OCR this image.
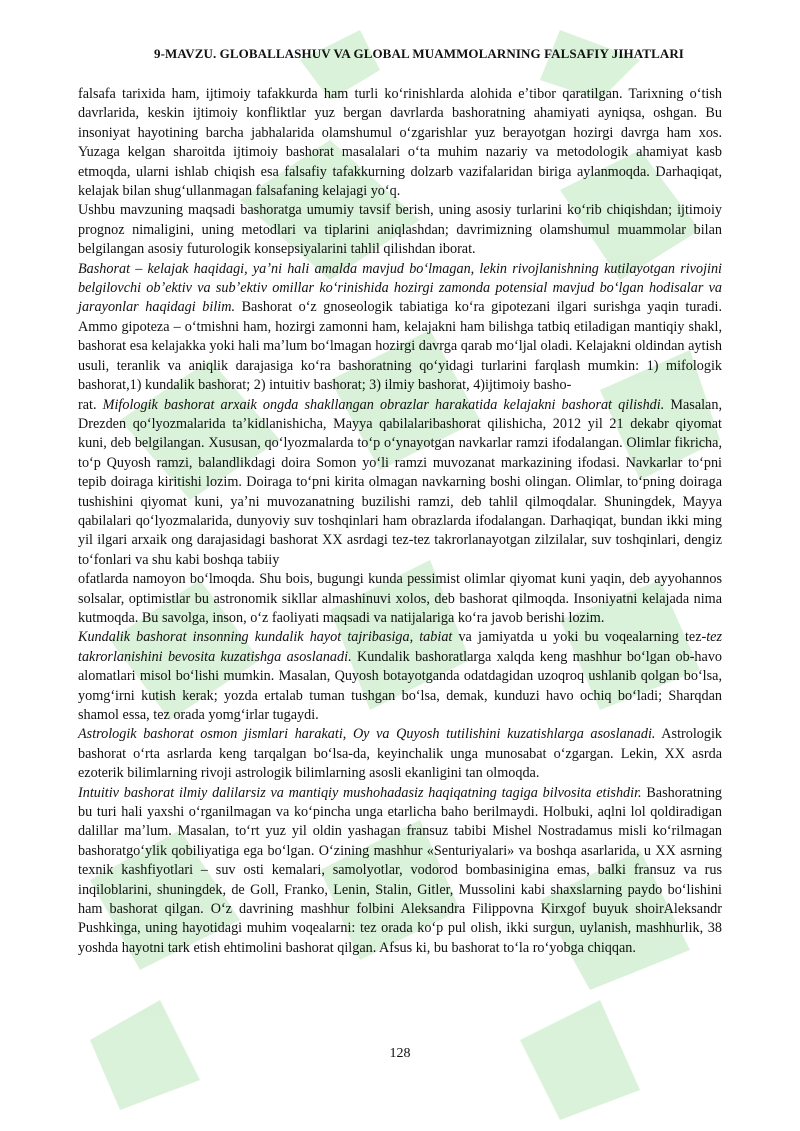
9-MAVZU. GLOBALLASHUV VA GLOBAL MUAMMOLARNING FALSAFIY JIHATLARI

falsafa tarixida ham, ijtimoiy tafakkurda ham turli koʻrinishlarda alohida eʼtibor qaratilgan. Tarixning oʻtish davrlarida, keskin ijtimoiy konfliktlar yuz bergan davrlarda bashoratning ahamiyati ayniqsa, oshgan. Bu insoniyat hayotining barcha jabhalarida olamshumul oʻzgarishlar yuz berayotgan hozirgi davrga ham xos. Yuzaga kelgan sharoitda ijtimoiy bashorat masalalari oʻta muhim nazariy va metodologik ahamiyat kasb etmoqda, ularni ishlab chiqish esa falsafiy tafakkurning dolzarb vazifalaridan biriga aylanmoqda. Darhaqiqat, kelajak bilan shugʻullanmagan falsafaning kelajagi yoʻq.

Ushbu mavzuning maqsadi bashoratga umumiy tavsif berish, uning asosiy turlarini koʻrib chiqishdan; ijtimoiy prognoz nimaligini, uning metodlari va tiplarini aniqlashdan; davrimizning olamshumul muammolar bilan belgilangan asosiy futurologik konsepsiyalarini tahlil qilishdan iborat.

Bashorat – kelajak haqidagi, yaʼni hali amalda mavjud boʻlmagan, lekin rivojlanishning kutilayotgan rivojini belgilovchi obʼektiv va subʼektiv omillar koʻrinishida hozirgi zamonda potensial mavjud boʻlgan hodisalar va jarayonlar haqidagi bilim. Bashorat oʻz gnoseologik tabiatiga koʻra gipotezani ilgari surishga yaqin turadi. Ammo gipoteza – oʻtmishni ham, hozirgi zamonni ham, kelajakni ham bilishga tatbiq etiladigan mantiqiy shakl, bashorat esa kelajakka yoki hali maʼlum boʻlmagan hozirgi davrga qarab moʻljal oladi. Kelajakni oldindan aytish usuli, teranlik va aniqlik darajasiga koʻra bashoratning qoʻyidagi turlarini farqlash mumkin: 1) mifologik bashorat,1) kundalik bashorat; 2) intuitiv bashorat; 3) ilmiy bashorat, 4)ijtimoiy basho-

rat. Mifologik bashorat arxaik ongda shakllangan obrazlar harakatida kelajakni bashorat qilishdi. Masalan, Drezden qoʻlyozmalarida taʼkidlanishicha, Mayya qabilalaribashorat qilishicha, 2012 yil 21 dekabr qiyomat kuni, deb belgilangan. Xususan, qoʻlyozmalarda toʻp oʻynayotgan navkarlar ramzi ifodalangan. Olimlar fikricha, toʻp Quyosh ramzi, balandlikdagi doira Somon yoʻli ramzi muvozanat markazining ifodasi. Navkarlar toʻpni tepib doiraga kiritishi lozim. Doiraga toʻpni kirita olmagan navkarning boshi olingan. Olimlar, toʻpning doiraga tushishini qiyomat kuni, yaʼni muvozanatning buzilishi ramzi, deb tahlil qilmoqdalar. Shuningdek, Mayya qabilalari qoʻlyozmalarida, dunyoviy suv toshqinlari ham obrazlarda ifodalangan. Darhaqiqat, bundan ikki ming yil ilgari arxaik ong darajasidagi bashorat XX asrdagi tez-tez takrorlanayotgan zilzilalar, suv toshqinlari, dengiz toʻfonlari va shu kabi boshqa tabiiy

ofatlarda namoyon boʻlmoqda. Shu bois, bugungi kunda pessimist olimlar qiyomat kuni yaqin, deb ayyohannos solsalar, optimistlar bu astronomik sikllar almashinuvi xolos, deb bashorat qilmoqda. Insoniyatni kelajada nima kutmoqda. Bu savolga, inson, oʻz faoliyati maqsadi va natijalariga koʻra javob berishi lozim.

Kundalik bashorat insonning kundalik hayot tajribasiga, tabiat va jamiyatda u yoki bu voqealarning tez-tez takrorlanishini bevosita kuzatishga asoslanadi. Kundalik bashoratlarga xalqda keng mashhur boʻlgan ob-havo alomatlari misol boʻlishi mumkin. Masalan, Quyosh botayotganda odatdagidan uzoqroq ushlanib qolgan boʻlsa, yomgʻirni kutish kerak; yozda ertalab tuman tushgan boʻlsa, demak, kunduzi havo ochiq boʻladi; Sharqdan shamol essa, tez orada yomgʻirlar tugaydi.

Astrologik bashorat osmon jismlari harakati, Oy va Quyosh tutilishini kuzatishlarga asoslanadi. Astrologik bashorat oʻrta asrlarda keng tarqalgan boʻlsa-da, keyinchalik unga munosabat oʻzgargan. Lekin, XX asrda ezoterik bilimlarning rivoji astrologik bilimlarning asosli ekanligini tan olmoqda.

Intuitiv bashorat ilmiy dalilarsiz va mantiqiy mushohadasiz haqiqatning tagiga bilvosita etishdir. Bashoratning bu turi hali yaxshi oʻrganilmagan va koʻpincha unga etarlicha baho berilmaydi. Holbuki, aqlni lol qoldiradigan dalillar maʼlum. Masalan, toʻrt yuz yil oldin yashagan fransuz tabibi Mishel Nostradamus misli koʻrilmagan bashoratgoʻylik qobiliyatiga ega boʻlgan. Oʻzining mashhur «Senturiyalari» va boshqa asarlarida, u XX asrning texnik kashfiyotlari – suv osti kemalari, samolyotlar, vodorod bombasinigina emas, balki fransuz va rus inqiloblarini, shuningdek, de Goll, Franko, Lenin, Stalin, Gitler, Mussolini kabi shaxslarning paydo boʻlishini ham bashorat qilgan. Oʻz davrining mashhur folbini Aleksandra Filippovna Kirxgof buyuk shoirAleksandr Pushkinga, uning hayotidagi muhim voqealarni: tez orada koʻp pul olish, ikki surgun, uylanish, mashhurlik, 38 yoshda hayotni tark etish ehtimolini bashorat qilgan. Afsus ki, bu bashorat toʻla roʻyobga chiqqan.

128
